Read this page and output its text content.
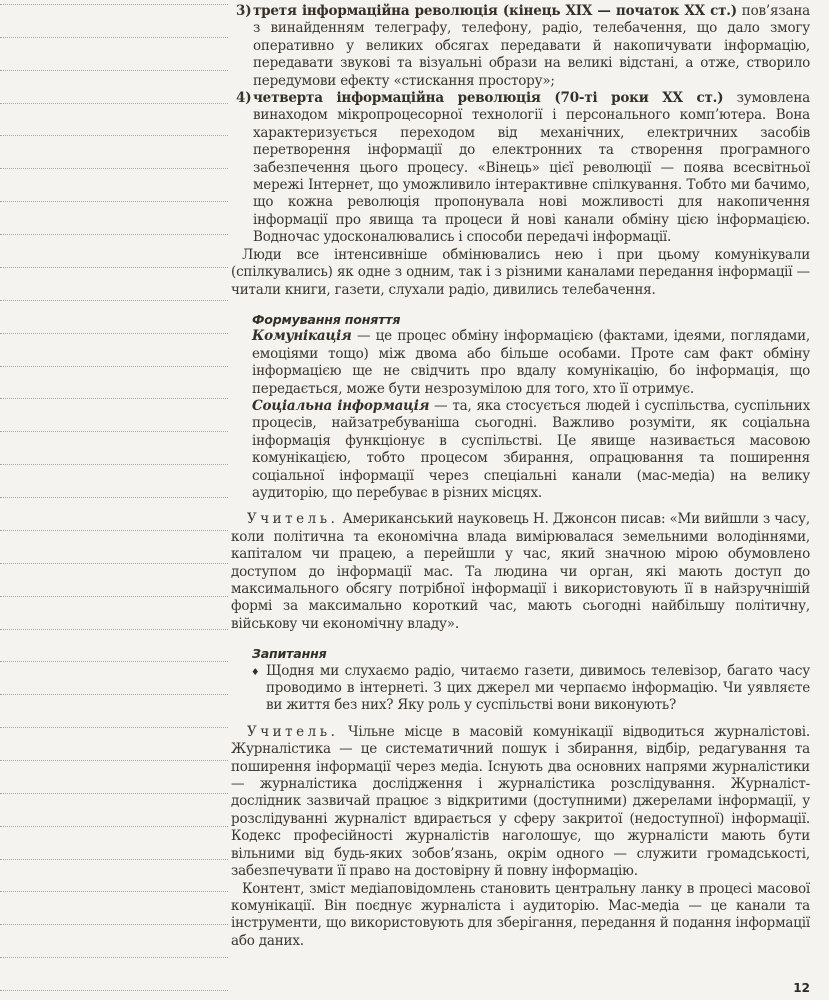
3) третя інформаційна революція (кінець XIX — початок XX ст.) пов’язана з винайденням телеграфу, телефону, радіо, телебачення, що дало змогу оперативно у великих обсягах передавати й накопичувати інформацію, передавати звукові та візуальні образи на великі відстані, а отже, створило передумови ефекту «стискання простору»;

4) четверта інформаційна революція (70-ті роки XX ст.) зумовлена винаходом мікропроцесорної технології і персонального комп’ютера. Вона характеризується переходом від механічних, електричних засобів перетворення інформації до електронних та створення програмного забезпечення цього процесу. «Вінець» цієї революції — поява всесвітньої мережі Інтернет, що уможливило інтерактивне спілкування. Тобто ми бачимо, що кожна революція пропонувала нові можливості для накопичення інформації про явища та процеси й нові канали обміну цією інформацією. Водночас удосконалювались і способи передачі інформації.

Люди все інтенсивніше обмінювались нею і при цьому комунікували (спілкувались) як одне з одним, так і з різними каналами передання інформації — читали книги, газети, слухали радіо, дивились телебачення.

Формування поняття

Комунікація — це процес обміну інформацією (фактами, ідеями, поглядами, емоціями тощо) між двома або більше особами. Проте сам факт обміну інформацією ще не свідчить про вдалу комунікацію, бо інформація, що передається, може бути незрозумілою для того, хто її отримує.

Соціальна інформація — та, яка стосується людей і суспільства, суспільних процесів, найзатребуваніша сьогодні. Важливо розуміти, як соціальна інформація функціонує в суспільстві. Це явище називається масовою комунікацією, тобто процесом збирання, опрацювання та поширення соціальної інформації через спеціальні канали (мас-медіа) на велику аудиторію, що перебуває в різних місцях.

Учитель. Американський науковець Н. Джонсон писав: «Ми вийшли з часу, коли політична та економічна влада вимірювалася земельними володіннями, капіталом чи працею, а перейшли у час, який значною мірою обумовлено доступом до інформації мас. Та людина чи орган, які мають доступ до максимального обсягу потрібної інформації і використовують її в найзручнішій формі за максимально короткий час, мають сьогодні найбільшу політичну, військову чи економічну владу».

Запитання
♦ Щодня ми слухаємо радіо, читаємо газети, дивимось телевізор, багато часу проводимо в інтернеті. З цих джерел ми черпаємо інформацію. Чи уявляєте ви життя без них? Яку роль у суспільстві вони виконують?

Учитель. Чільне місце в масовій комунікації відводиться журналістові. Журналістика — це систематичний пошук і збирання, відбір, редагування та поширення інформації через медіа. Існують два основних напрями журналістики — журналістика дослідження і журналістика розслідування. Журналіст-дослідник зазвичай працює з відкритими (доступними) джерелами інформації, у розслідуванні журналіст вдирається у сферу закритої (недоступної) інформації. Кодекс професійності журналістів наголошує, що журналісти мають бути вільними від будь-яких зобов’язань, окрім одного — служити громадськості, забезпечувати її право на достовірну й повну інформацію.

Контент, зміст медіаповідомлень становить центральну ланку в процесі масової комунікації. Він поєднує журналіста і аудиторію. Мас-медіа — це канали та інструменти, що використовують для зберігання, передання й подання інформації або даних.

12
